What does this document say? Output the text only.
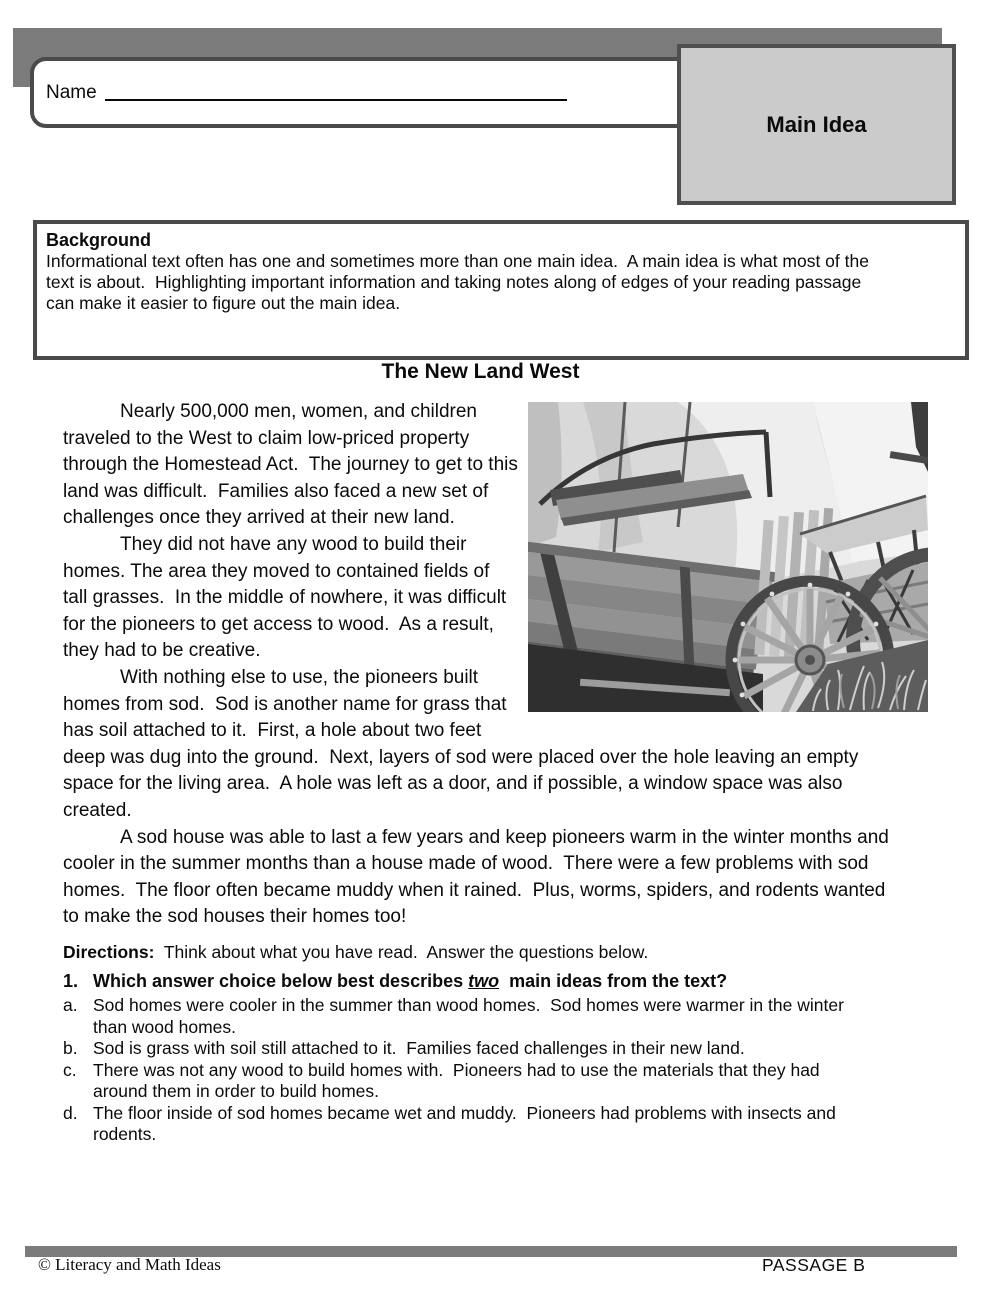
Name
Main Idea
Background
Informational text often has one and sometimes more than one main idea.  A main idea is what most of the text is about.  Highlighting important information and taking notes along of edges of your reading passage can make it easier to figure out the main idea.
The New Land West

Nearly 500,000 men, women, and children traveled to the West to claim low-priced property through the Homestead Act.  The journey to get to this land was difficult.  Families also faced a new set of challenges once they arrived at their new land.

They did not have any wood to build their homes. The area they moved to contained fields of tall grasses.  In the middle of nowhere, it was difficult for the pioneers to get access to wood.  As a result, they had to be creative.

With nothing else to use, the pioneers built homes from sod.  Sod is another name for grass that has soil attached to it.  First, a hole about two feet deep was dug into the ground.  Next, layers of sod were placed over the hole leaving an empty space for the living area.  A hole was left as a door, and if possible, a window space was also created.

A sod house was able to last a few years and keep pioneers warm in the winter months and cooler in the summer months than a house made of wood.  There were a few problems with sod homes.  The floor often became muddy when it rained.  Plus, worms, spiders, and rodents wanted to make the sod houses their homes too!

Directions:  Think about what you have read.  Answer the questions below.
1. Which answer choice below best describes two  main ideas from the text?
a. Sod homes were cooler in the summer than wood homes.  Sod homes were warmer in the winter than wood homes.
b. Sod is grass with soil still attached to it.  Families faced challenges in their new land.
c. There was not any wood to build homes with.  Pioneers had to use the materials that they had around them in order to build homes.
d. The floor inside of sod homes became wet and muddy.  Pioneers had problems with insects and rodents.
© Literacy and Math Ideas	PASSAGE B
